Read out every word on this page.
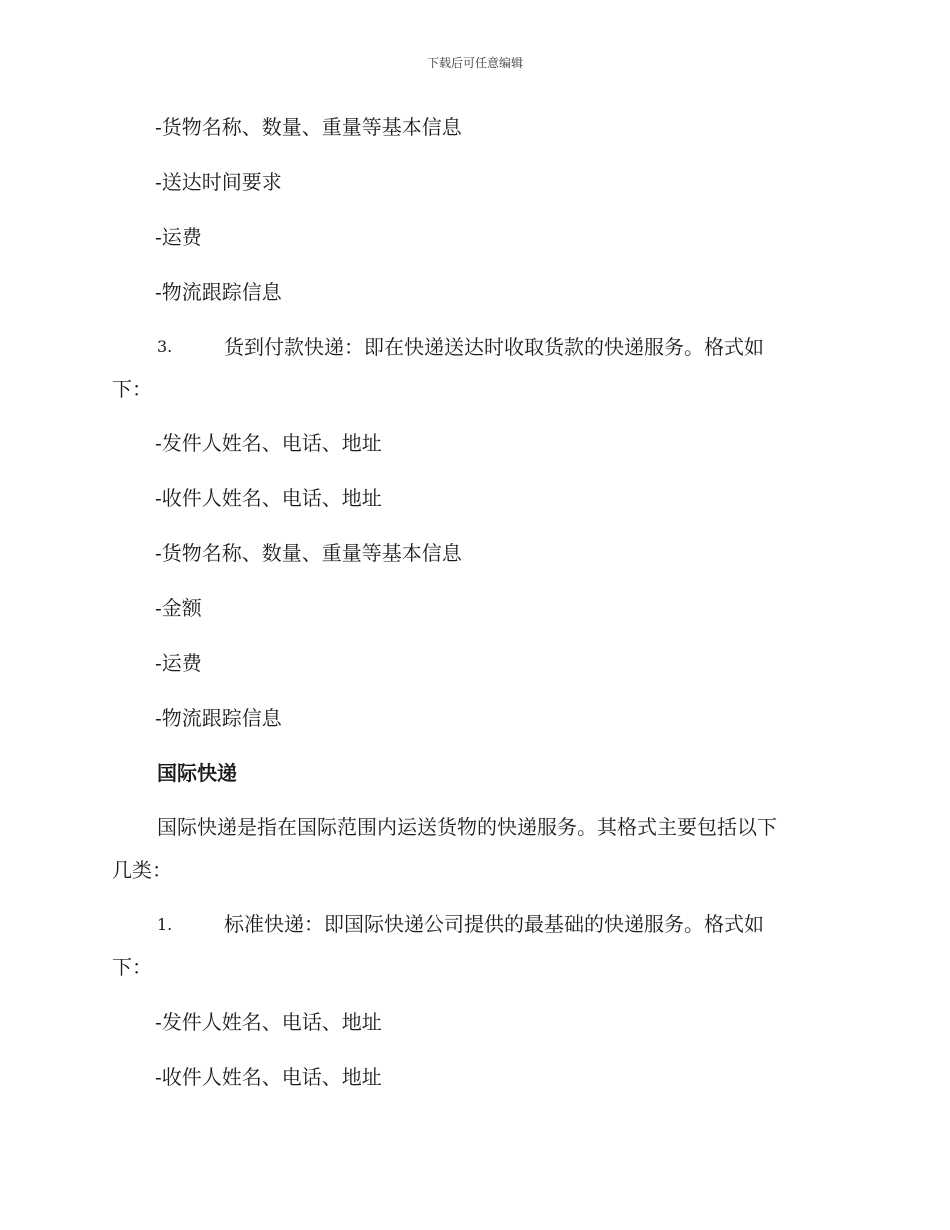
下载后可任意编辑
-货物名称、数量、重量等基本信息
-送达时间要求
-运费
-物流跟踪信息
3.	货到付款快递：即在快递送达时收取货款的快递服务。格式如
下：
-发件人姓名、电话、地址
-收件人姓名、电话、地址
-货物名称、数量、重量等基本信息
-金额
-运费
-物流跟踪信息
国际快递
国际快递是指在国际范围内运送货物的快递服务。其格式主要包括以下
几类：
1.	标准快递：即国际快递公司提供的最基础的快递服务。格式如
下：
-发件人姓名、电话、地址
-收件人姓名、电话、地址
